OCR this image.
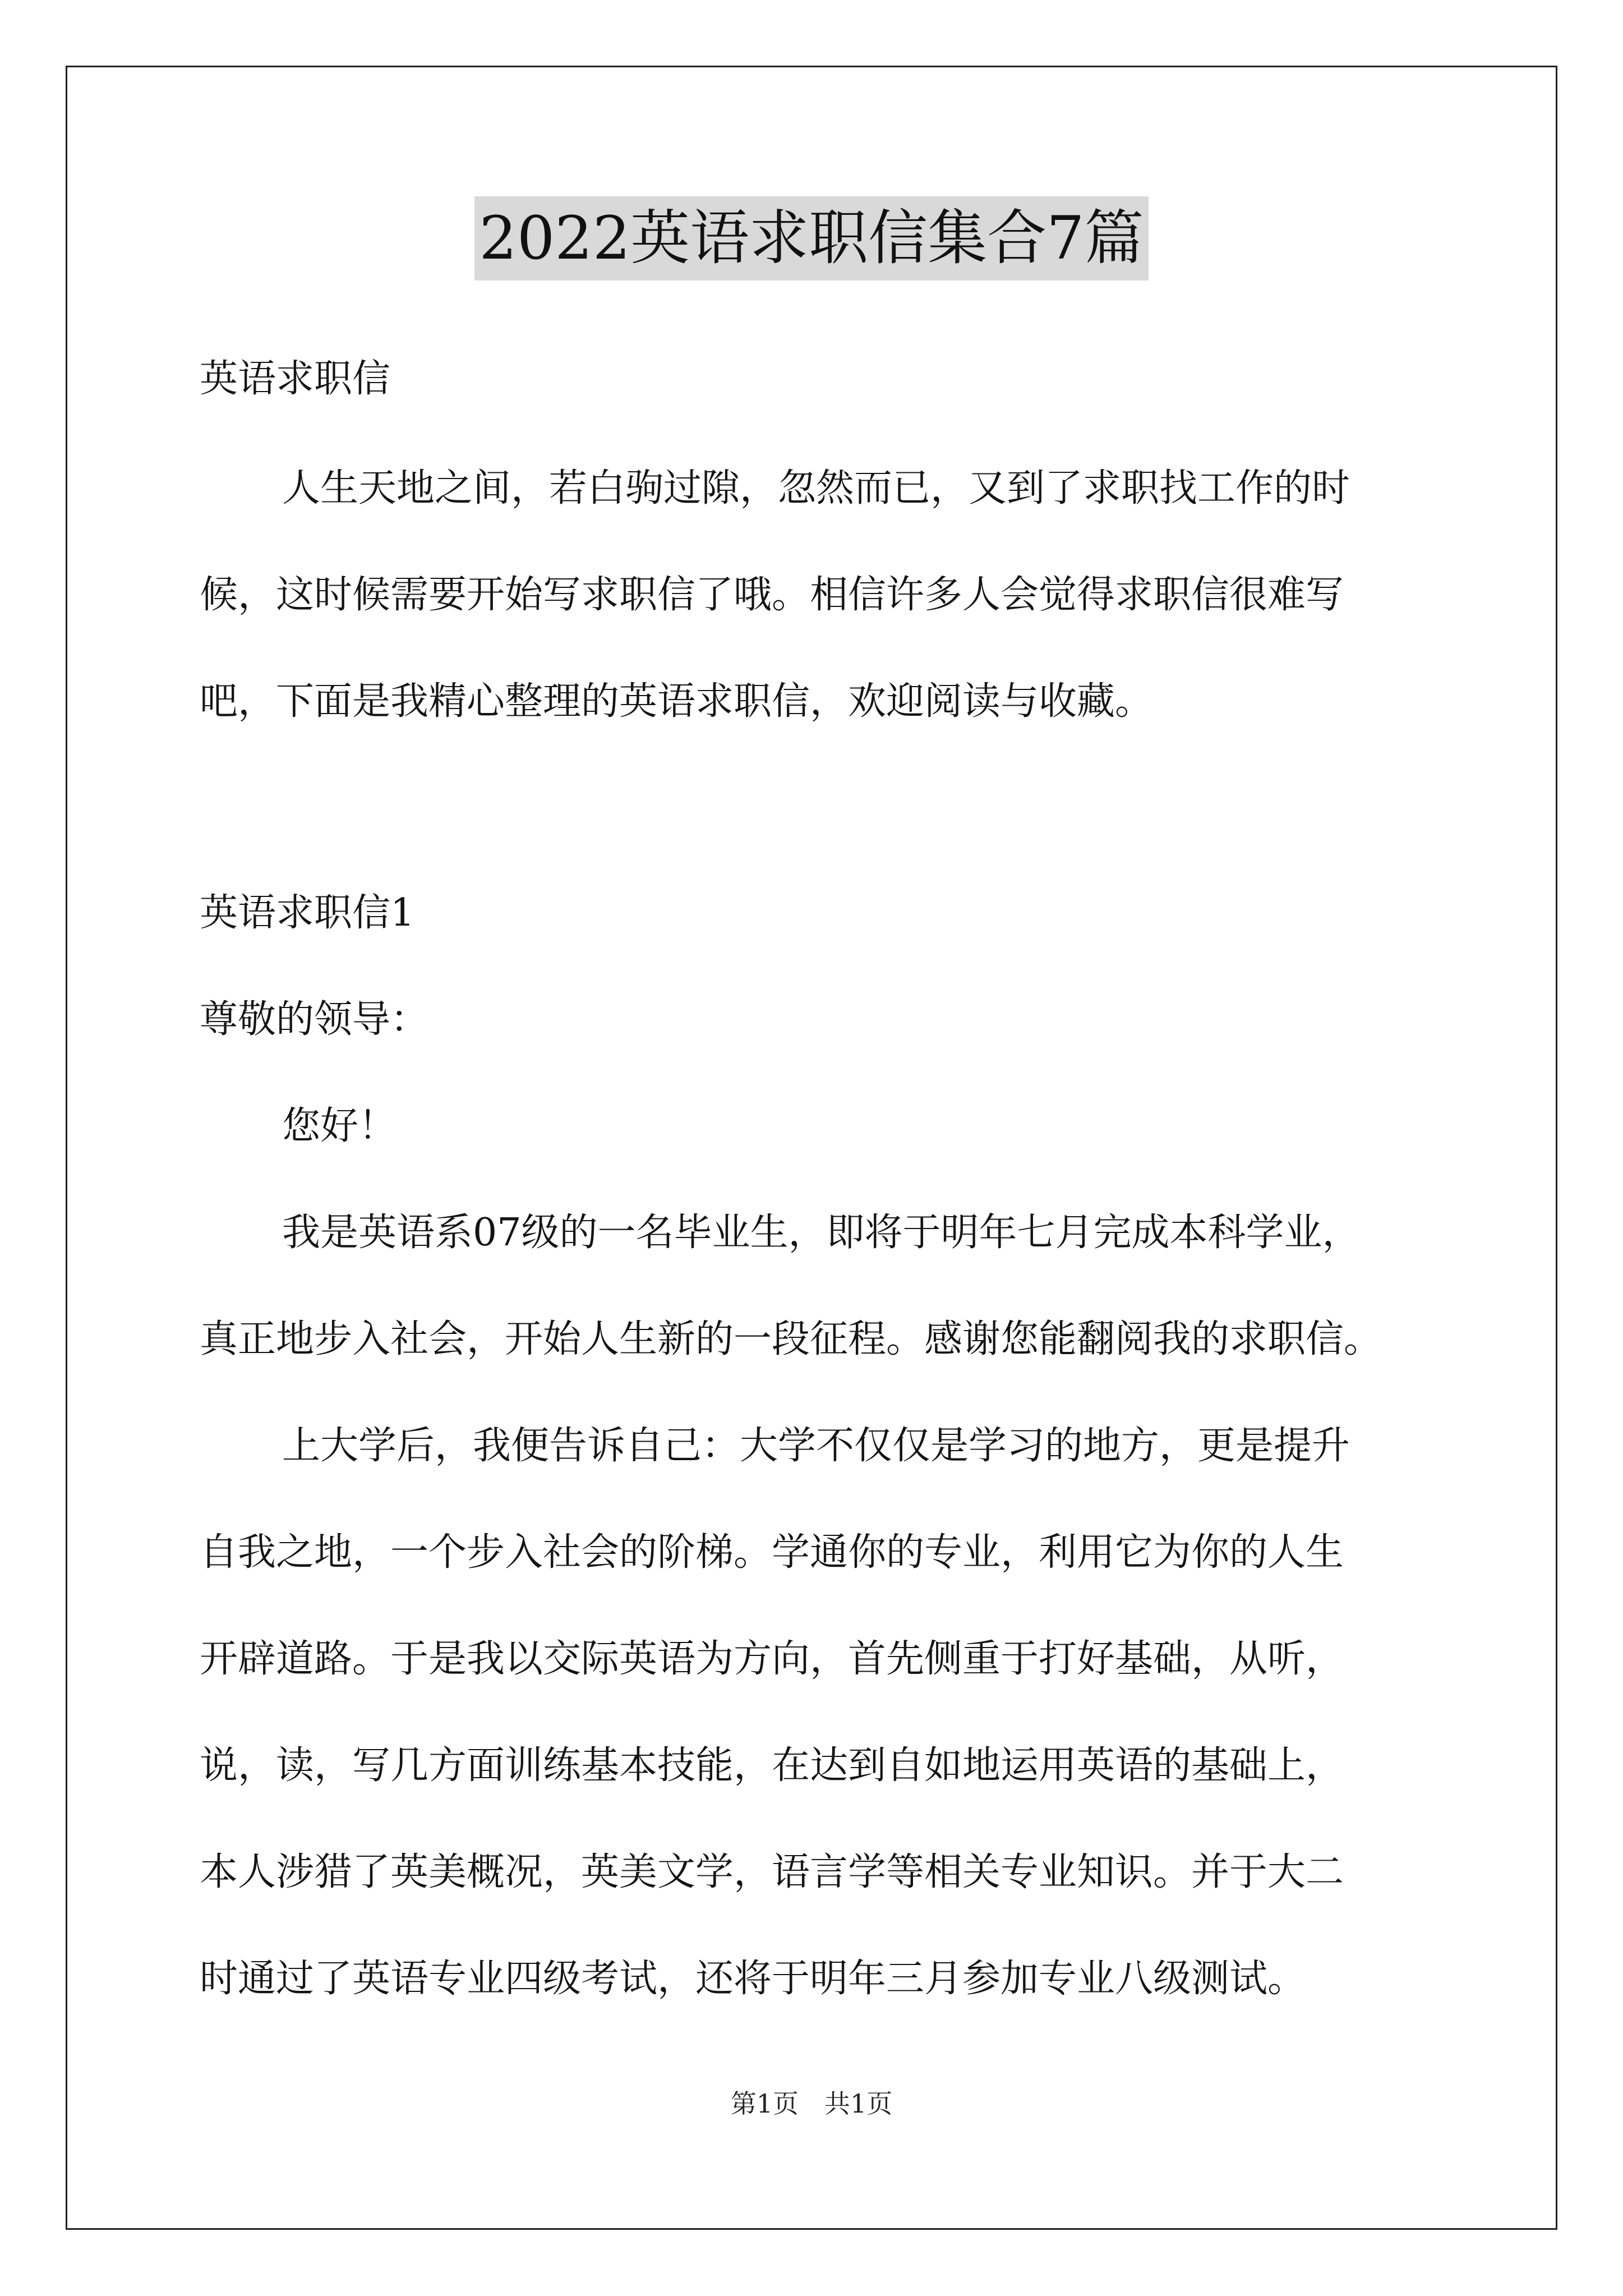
2022英语求职信集合7篇
英语求职信
人生天地之间，若白驹过隙，忽然而已，又到了求职找工作的时
候，这时候需要开始写求职信了哦。相信许多人会觉得求职信很难写
吧，下面是我精心整理的英语求职信，欢迎阅读与收藏。
英语求职信1
尊敬的领导：
您好！
我是英语系07级的一名毕业生，即将于明年七月完成本科学业，
真正地步入社会，开始人生新的一段征程。感谢您能翻阅我的求职信。
上大学后，我便告诉自己：大学不仅仅是学习的地方，更是提升
自我之地，一个步入社会的阶梯。学通你的专业，利用它为你的人生
开辟道路。于是我以交际英语为方向，首先侧重于打好基础，从听，
说，读，写几方面训练基本技能，在达到自如地运用英语的基础上，
本人涉猎了英美概况，英美文学，语言学等相关专业知识。并于大二
时通过了英语专业四级考试，还将于明年三月参加专业八级测试。
第1页　共1页
